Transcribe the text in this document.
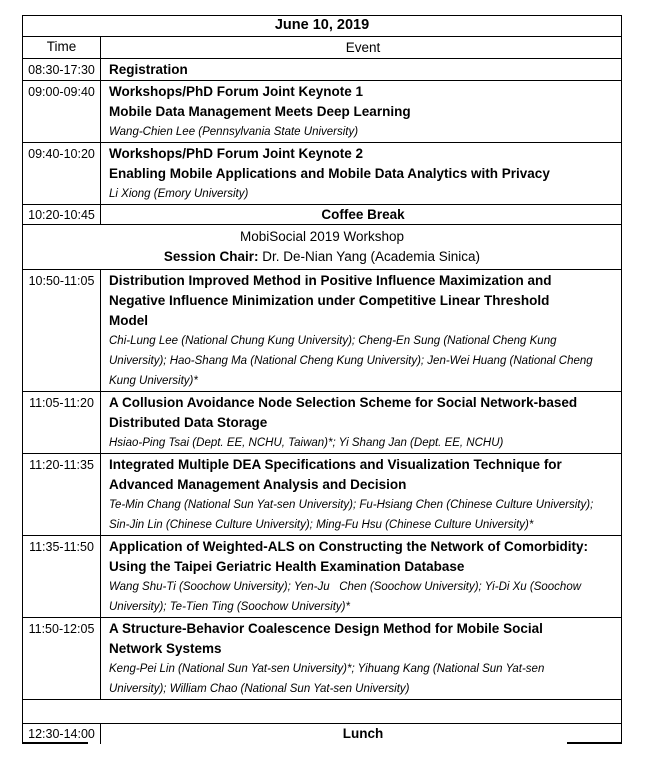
June 10, 2019
Time	Event
08:30-17:30	Registration
09:00-09:40	Workshops/PhD Forum Joint Keynote 1
Mobile Data Management Meets Deep Learning
Wang-Chien Lee (Pennsylvania State University)
09:40-10:20	Workshops/PhD Forum Joint Keynote 2
Enabling Mobile Applications and Mobile Data Analytics with Privacy
Li Xiong (Emory University)
10:20-10:45	Coffee Break
MobiSocial 2019 Workshop
Session Chair: Dr. De-Nian Yang (Academia Sinica)
10:50-11:05	Distribution Improved Method in Positive Influence Maximization and
Negative Influence Minimization under Competitive Linear Threshold
Model
Chi-Lung Lee (National Chung Kung University); Cheng-En Sung (National Cheng Kung
University); Hao-Shang Ma (National Cheng Kung University); Jen-Wei Huang (National Cheng
Kung University)*
11:05-11:20	A Collusion Avoidance Node Selection Scheme for Social Network-based
Distributed Data Storage
Hsiao-Ping Tsai (Dept. EE, NCHU, Taiwan)*; Yi Shang Jan (Dept. EE, NCHU)
11:20-11:35	Integrated Multiple DEA Specifications and Visualization Technique for
Advanced Management Analysis and Decision
Te-Min Chang (National Sun Yat-sen University); Fu-Hsiang Chen (Chinese Culture University);
Sin-Jin Lin (Chinese Culture University); Ming-Fu Hsu (Chinese Culture University)*
11:35-11:50	Application of Weighted-ALS on Constructing the Network of Comorbidity:
Using the Taipei Geriatric Health Examination Database
Wang Shu-Ti (Soochow University); Yen-Ju   Chen (Soochow University); Yi-Di Xu (Soochow
University); Te-Tien Ting (Soochow University)*
11:50-12:05	A Structure-Behavior Coalescence Design Method for Mobile Social
Network Systems
Keng-Pei Lin (National Sun Yat-sen University)*; Yihuang Kang (National Sun Yat-sen
University); William Chao (National Sun Yat-sen University)
12:30-14:00	Lunch
